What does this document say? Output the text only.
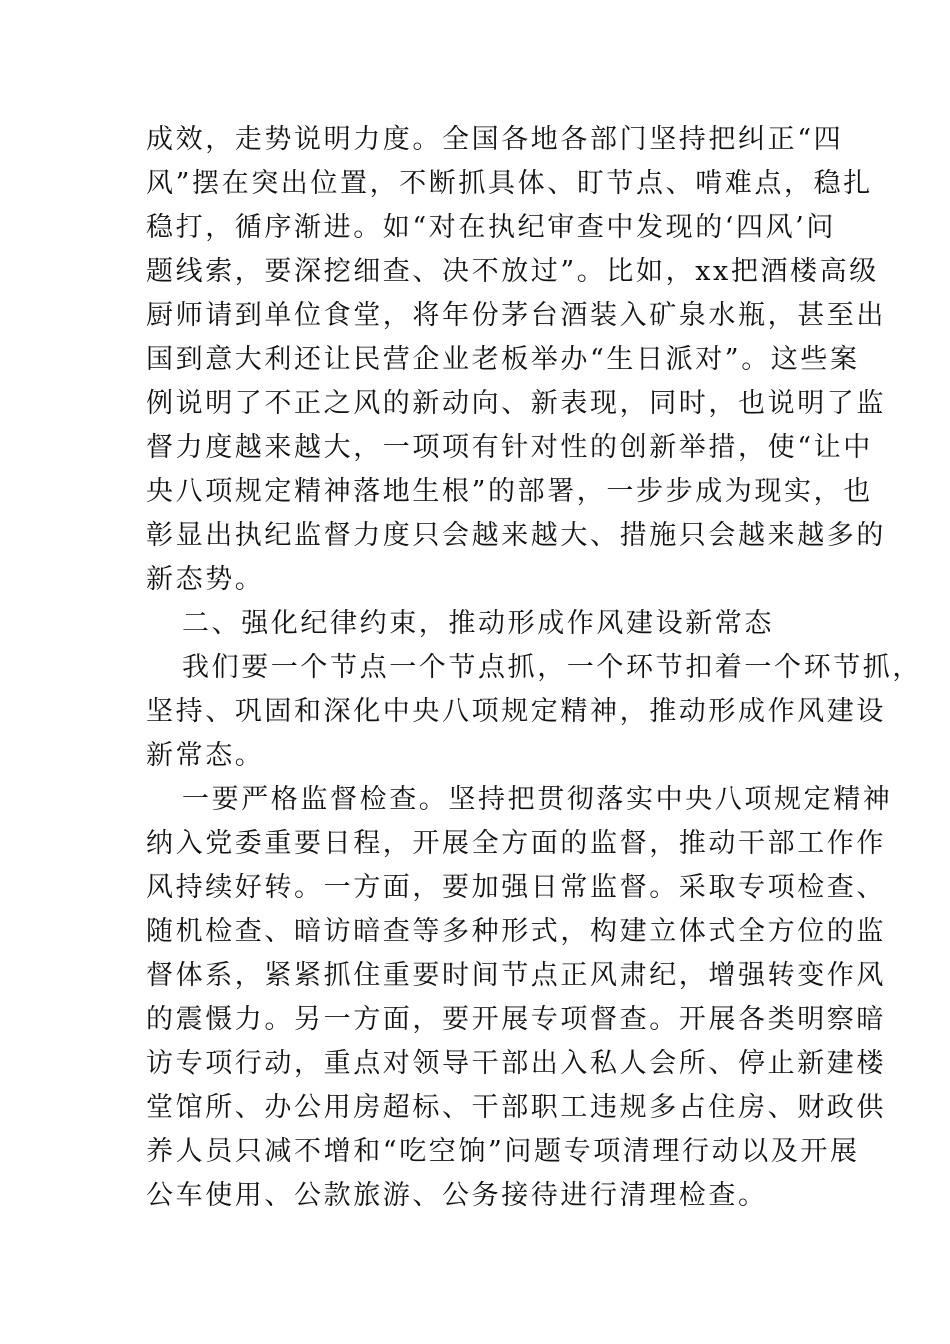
成效，走势说明力度。全国各地各部门坚持把纠正“四
风”摆在突出位置，不断抓具体、盯节点、啃难点，稳扎
稳打，循序渐进。如“对在执纪审查中发现的‘四风’问
题线索，要深挖细查、决不放过”。比如，xx把酒楼高级
厨师请到单位食堂，将年份茅台酒装入矿泉水瓶，甚至出
国到意大利还让民营企业老板举办“生日派对”。这些案
例说明了不正之风的新动向、新表现，同时，也说明了监
督力度越来越大，一项项有针对性的创新举措，使“让中
央八项规定精神落地生根”的部署，一步步成为现实，也
彰显出执纪监督力度只会越来越大、措施只会越来越多的
新态势。
二、强化纪律约束，推动形成作风建设新常态
我们要一个节点一个节点抓，一个环节扣着一个环节抓，
坚持、巩固和深化中央八项规定精神，推动形成作风建设
新常态。
一要严格监督检查。坚持把贯彻落实中央八项规定精神
纳入党委重要日程，开展全方面的监督，推动干部工作作
风持续好转。一方面，要加强日常监督。采取专项检查、
随机检查、暗访暗查等多种形式，构建立体式全方位的监
督体系，紧紧抓住重要时间节点正风肃纪，增强转变作风
的震慑力。另一方面，要开展专项督查。开展各类明察暗
访专项行动，重点对领导干部出入私人会所、停止新建楼
堂馆所、办公用房超标、干部职工违规多占住房、财政供
养人员只减不增和“吃空饷”问题专项清理行动以及开展
公车使用、公款旅游、公务接待进行清理检查。
